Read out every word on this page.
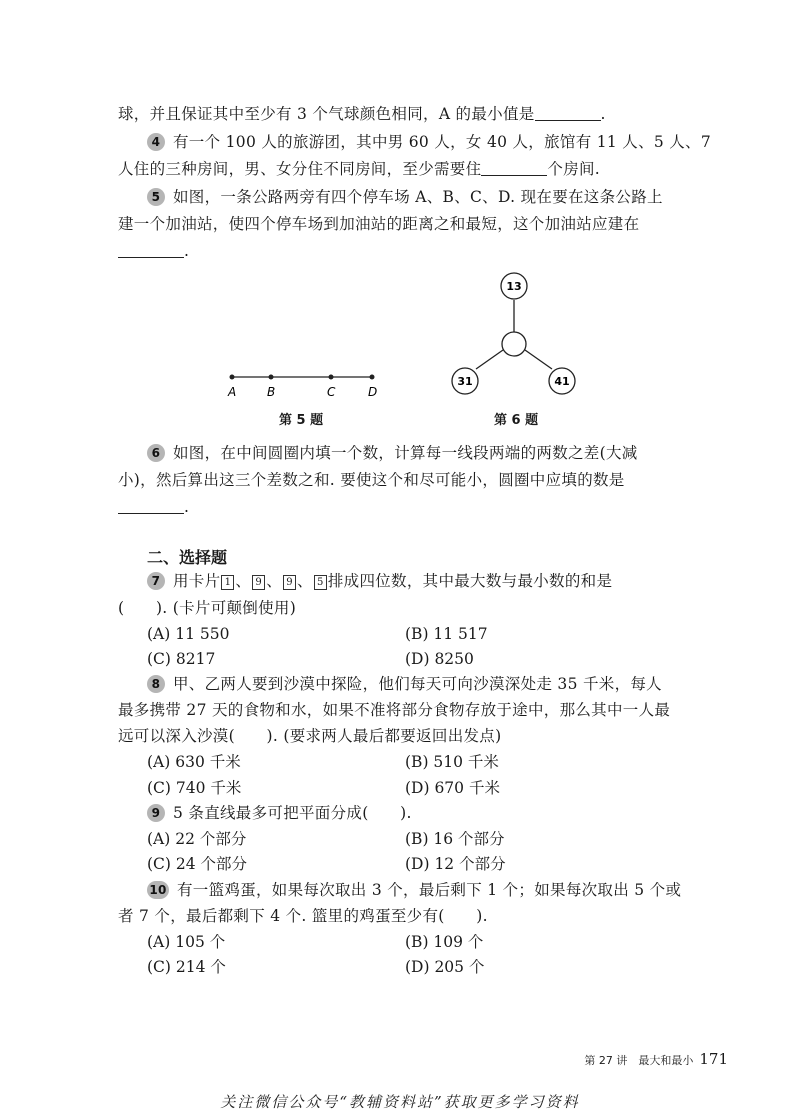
球，并且保证其中至少有 3 个气球颜色相同，A 的最小值是	.
4 有一个 100 人的旅游团，其中男 60 人，女 40 人，旅馆有 11 人、5 人、7
人住的三种房间，男、女分住不同房间，至少需要住	个房间.
5 如图，一条公路两旁有四个停车场 A、B、C、D. 现在要在这条公路上
建一个加油站，使四个停车场到加油站的距离之和最短，这个加油站应建在
.
A	B	C	D
13
31	41
第 5 题	第 6 题
6 如图，在中间圆圈内填一个数，计算每一线段两端的两数之差(大减
小)，然后算出这三个差数之和. 要使这个和尽可能小，圆圈中应填的数是
.
二、选择题
7 用卡片 1 、 9 、 9 、 5 排成四位数，其中最大数与最小数的和是
(　　). (卡片可颠倒使用)
(A) 11 550	(B) 11 517
(C) 8217	(D) 8250
8 甲、乙两人要到沙漠中探险，他们每天可向沙漠深处走 35 千米，每人
最多携带 27 天的食物和水，如果不准将部分食物存放于途中，那么其中一人最
远可以深入沙漠(　　). (要求两人最后都要返回出发点)
(A) 630 千米	(B) 510 千米
(C) 740 千米	(D) 670 千米
9 5 条直线最多可把平面分成(　　).
(A) 22 个部分	(B) 16 个部分
(C) 24 个部分	(D) 12 个部分
10 有一篮鸡蛋，如果每次取出 3 个，最后剩下 1 个；如果每次取出 5 个或
者 7 个，最后都剩下 4 个. 篮里的鸡蛋至少有(　　).
(A) 105 个	(B) 109 个
(C) 214 个	(D) 205 个
第 27 讲　最大和最小 171
关注微信公众号“教辅资料站”获取更多学习资料
